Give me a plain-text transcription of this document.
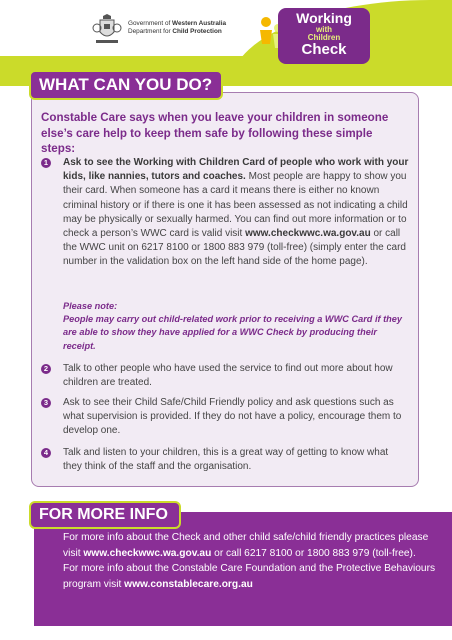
Government of Western Australia
Department for Child Protection
Working
with
Children
Check
WHAT CAN YOU DO?
Constable Care says when you leave your children in someone else’s care help to keep them safe by following these simple steps:
1 Ask to see the Working with Children Card of people who work with your kids, like nannies, tutors and coaches. Most people are happy to show you their card. When someone has a card it means there is either no known criminal history or if there is one it has been assessed as not indicating a child may be physically or sexually harmed. You can find out more information or to check a person’s WWC card is valid visit www.checkwwc.wa.gov.au or call the WWC unit on 6217 8100 or 1800 883 979 (toll-free) (simply enter the card number in the validation box on the left hand side of the home page).
Please note:
People may carry out child-related work prior to receiving a WWC Card if they are able to show they have applied for a WWC Check by producing their receipt.
2 Talk to other people who have used the service to find out more about how children are treated.
3 Ask to see their Child Safe/Child Friendly policy and ask questions such as what supervision is provided. If they do not have a policy, encourage them to develop one.
4 Talk and listen to your children, this is a great way of getting to know what they think of the staff and the organisation.
FOR MORE INFO
For more info about the Check and other child safe/child friendly practices please visit www.checkwwc.wa.gov.au or call 6217 8100 or 1800 883 979 (toll-free).
For more info about the Constable Care Foundation and the Protective Behaviours program visit www.constablecare.org.au
